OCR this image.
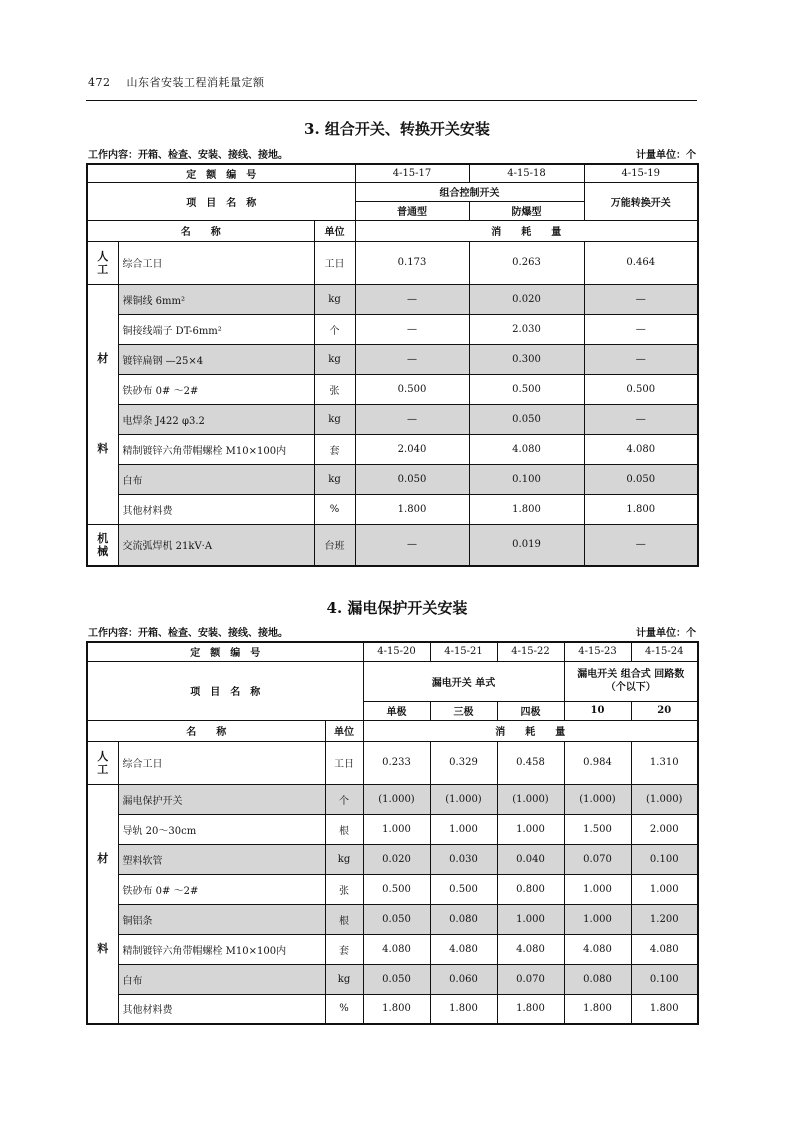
472 山东省安装工程消耗量定额
3. 组合开关、转换开关安装
工作内容：开箱、检查、安装、接线、接地。	计量单位：个
定　额　编　号			4-15-17	4-15-18	4-15-19
项　目　名　称			组合控制开关		万能转换开关
			普通型	防爆型	
名　　称		单位	消　　耗　　量		

人工	综合工日	工日	0.173	0.263	0.464

材料	裸铜线 6mm²	kg	—	0.020	—
	铜接线端子 DT-6mm²	个	—	2.030	—
	镀锌扁钢 —25×4	kg	—	0.300	—
	铁砂布 0# ～2#	张	0.500	0.500	0.500
	电焊条 J422 φ3.2	kg	—	0.050	—
	精制镀锌六角带帽螺栓 M10×100内	套	2.040	4.080	4.080
	白布	kg	0.050	0.100	0.050
	其他材料费	%	1.800	1.800	1.800

机械	交流弧焊机 21kV·A	台班	—	0.019	—
4. 漏电保护开关安装
工作内容：开箱、检查、安装、接线、接地。	计量单位：个
定　额　编　号			4-15-20	4-15-21	4-15-22	4-15-23	4-15-24
项　目　名　称			漏电开关 单式			漏电开关 组合式 回路数（个以下）	
			单极	三极	四极	10	20
名　　称		单位	消　　耗　　量				

人工	综合工日	工日	0.233	0.329	0.458	0.984	1.310

材料	漏电保护开关	个	(1.000)	(1.000)	(1.000)	(1.000)	(1.000)
	导轨 20～30cm	根	1.000	1.000	1.000	1.500	2.000
	塑料软管	kg	0.020	0.030	0.040	0.070	0.100
	铁砂布 0# ～2#	张	0.500	0.500	0.800	1.000	1.000
	铜铝条	根	0.050	0.080	1.000	1.000	1.200
	精制镀锌六角带帽螺栓 M10×100内	套	4.080	4.080	4.080	4.080	4.080
	白布	kg	0.050	0.060	0.070	0.080	0.100
	其他材料费	%	1.800	1.800	1.800	1.800	1.800
